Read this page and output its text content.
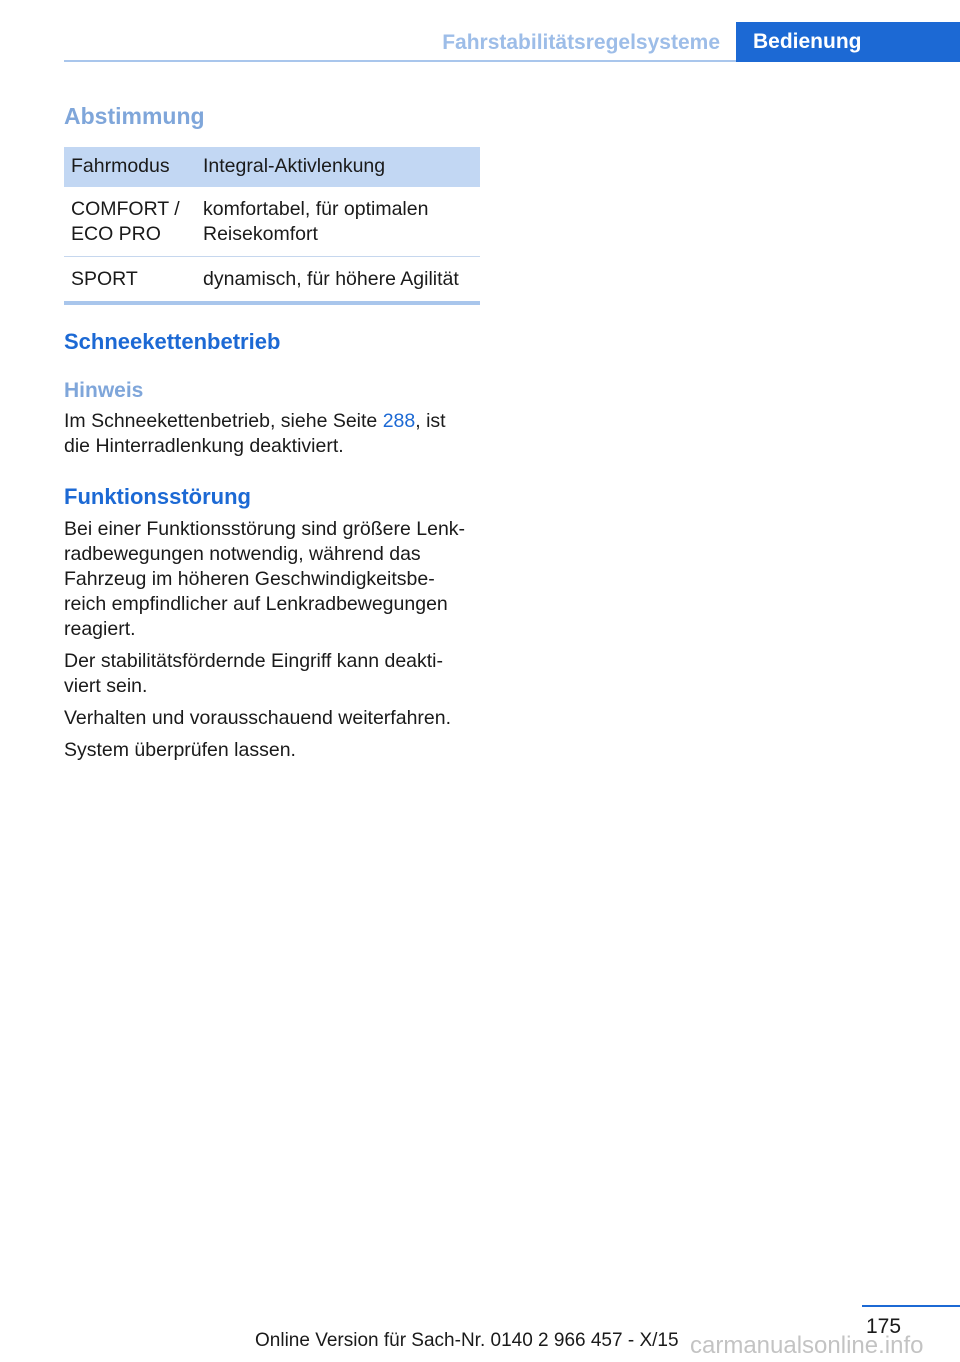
Fahrstabilitätsregelsysteme	Bedienung
Abstimmung
Fahrmodus	Integral-Aktivlenkung
COMFORT /
ECO PRO	komfortabel, für optimalen
Reisekomfort
SPORT	dynamisch, für höhere Agilität
Schneekettenbetrieb
Hinweis

Im Schneekettenbetrieb, siehe Seite 288, ist
die Hinterradlenkung deaktiviert.

Funktionsstörung

Bei einer Funktionsstörung sind größere Lenk‐
radbewegungen notwendig, während das
Fahrzeug im höheren Geschwindigkeitsbe‐
reich empfindlicher auf Lenkradbewegungen
reagiert.

Der stabilitätsfördernde Eingriff kann deakti‐
viert sein.

Verhalten und vorausschauend weiterfahren.

System überprüfen lassen.

175
Online Version für Sach-Nr. 0140 2 966 457 - X/15 carmanualsonline.info
